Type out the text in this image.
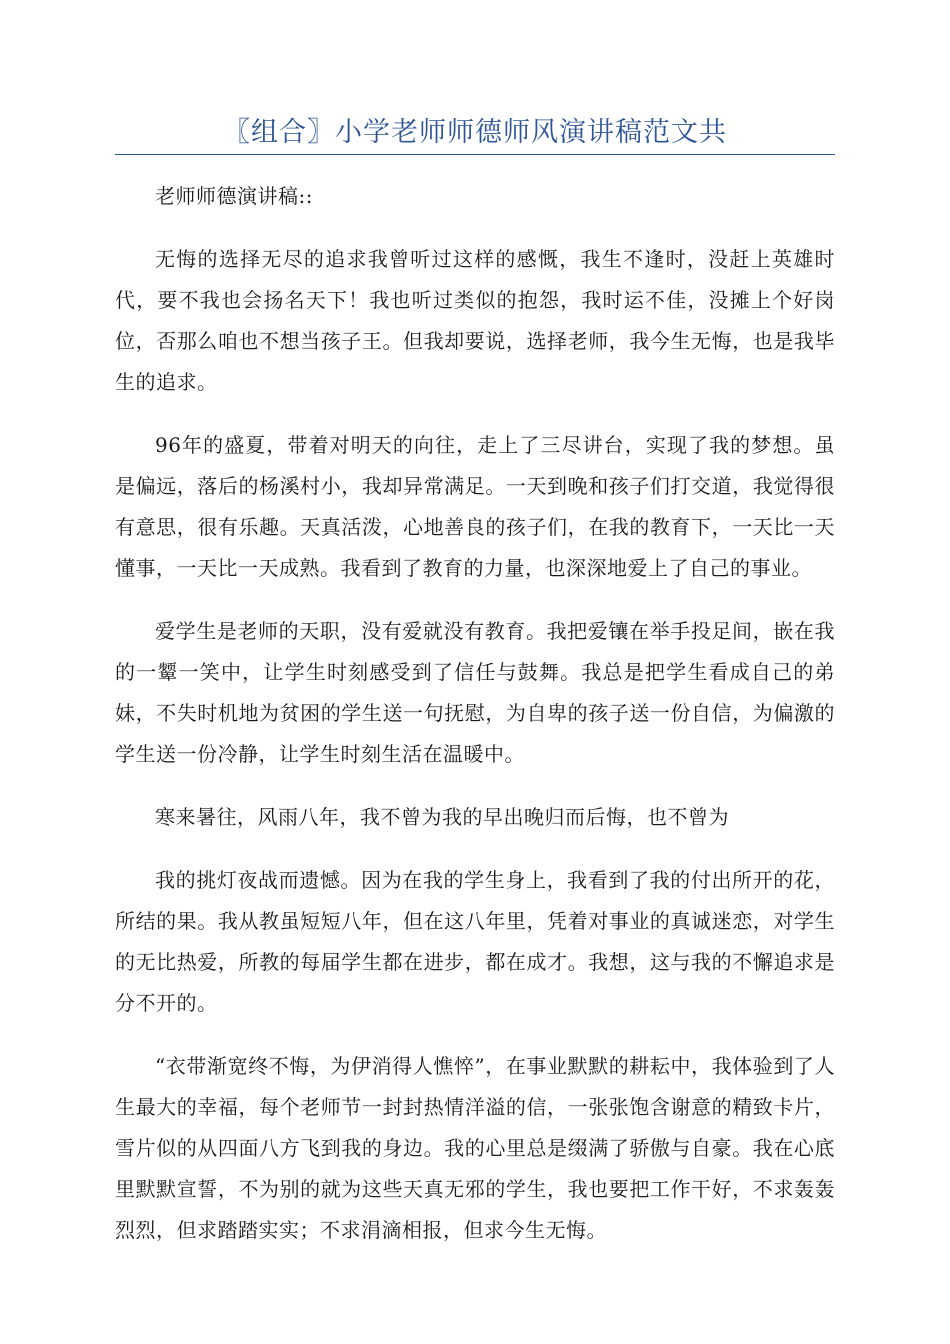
〖组合〗小学老师师德师风演讲稿范文共

老师师德演讲稿::

无悔的选择无尽的追求我曾听过这样的感慨，我生不逢时，没赶上英雄时代，要不我也会扬名天下！我也听过类似的抱怨，我时运不佳，没摊上个好岗位，否那么咱也不想当孩子王。但我却要说，选择老师，我今生无悔，也是我毕生的追求。

96年的盛夏，带着对明天的向往，走上了三尽讲台，实现了我的梦想。虽是偏远，落后的杨溪村小，我却异常满足。一天到晚和孩子们打交道，我觉得很有意思，很有乐趣。天真活泼，心地善良的孩子们，在我的教育下，一天比一天懂事，一天比一天成熟。我看到了教育的力量，也深深地爱上了自己的事业。

爱学生是老师的天职，没有爱就没有教育。我把爱镶在举手投足间，嵌在我的一颦一笑中，让学生时刻感受到了信任与鼓舞。我总是把学生看成自己的弟妹，不失时机地为贫困的学生送一句抚慰，为自卑的孩子送一份自信，为偏激的学生送一份冷静，让学生时刻生活在温暖中。

寒来暑往，风雨八年，我不曾为我的早出晚归而后悔，也不曾为

我的挑灯夜战而遗憾。因为在我的学生身上，我看到了我的付出所开的花，所结的果。我从教虽短短八年，但在这八年里，凭着对事业的真诚迷恋，对学生的无比热爱，所教的每届学生都在进步，都在成才。我想，这与我的不懈追求是分不开的。

“衣带渐宽终不悔，为伊消得人憔悴”，在事业默默的耕耘中，我体验到了人生最大的幸福，每个老师节一封封热情洋溢的信，一张张饱含谢意的精致卡片，雪片似的从四面八方飞到我的身边。我的心里总是缀满了骄傲与自豪。我在心底里默默宣誓，不为别的就为这些天真无邪的学生，我也要把工作干好，不求轰轰烈烈，但求踏踏实实；不求涓滴相报，但求今生无悔。
